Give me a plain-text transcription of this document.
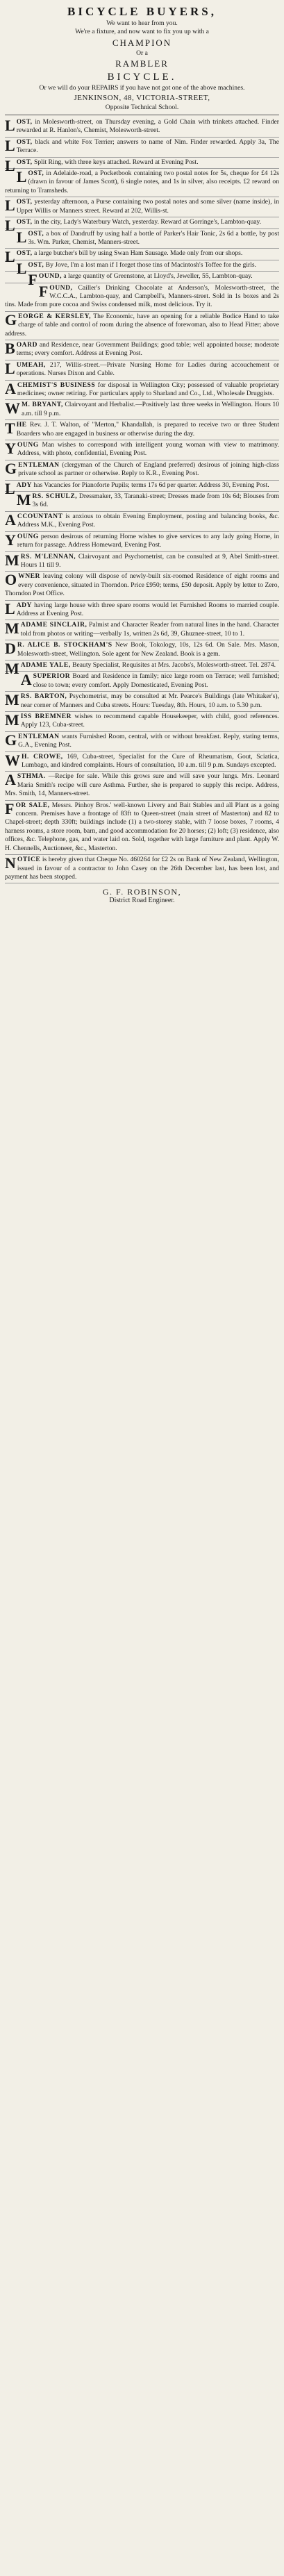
BICYCLE BUYERS,
We want to hear from you.
We're a fixture, and now want to fix you up with a
CHAMPION
Or a
RAMBLER
BICYCLE.
Or we will do your REPAIRS if you have not got one of the above machines.
JENKINSON, 48, VICTORIA-STREET,
Opposite Technical School.

LOST, in Molesworth-street, on Thursday evening, a Gold Chain with trinkets attached. Finder rewarded at R. Hanlon's, Chemist, Molesworth-street.

LOST, black and white Fox Terrier; answers to name of Nim. Finder rewarded. Apply 3a, The Terrace.

LOST, Split Ring, with three keys attached. Reward at Evening Post.

LOST, in Adelaide-road, a Pocketbook containing two postal notes for 5s, cheque for £4 12s (drawn in favour of James Scott), 6 single notes, and 1s in silver, also receipts. £2 reward on returning to Tramsheds.

LOST, yesterday afternoon, a Purse containing two postal notes and some silver (name inside), in Upper Willis or Manners street. Reward at 202, Willis-st.

LOST, in the city, Lady's Waterbury Watch, yesterday. Reward at Gorringe's, Lambton-quay.

LOST, a box of Dandruff by using half a bottle of Parker's Hair Tonic, 2s 6d a bottle, by post 3s. Wm. Parker, Chemist, Manners-street.

LOST, a large butcher's bill by using Swan Ham Sausage. Made only from our shops.

LOST, By Jove, I'm a lost man if I forget those tins of Macintosh's Toffee for the girls.

FOUND, a large quantity of Greenstone, at Lloyd's, Jeweller, 55, Lambton-quay.

FOUND, Cailler's Drinking Chocolate at Anderson's, Molesworth-street, the W.C.C.A., Lambton-quay, and Campbell's, Manners-street. Sold in 1s boxes and 2s tins. Made from pure cocoa and Swiss condensed milk, most delicious. Try it.

GEORGE & KERSLEY, The Economic, have an opening for a reliable Bodice Hand to take charge of table and control of room during the absence of forewoman, also to Head Fitter; above address.

BOARD and Residence, near Government Buildings; good table; well appointed house; moderate terms; every comfort. Address at Evening Post.

LUMEAH, 217, Willis-street.—Private Nursing Home for Ladies during accouchement or operations. Nurses Dixon and Cable.

ACHEMIST'S BUSINESS for disposal in Wellington City; possessed of valuable proprietary medicines; owner retiring. For particulars apply to Sharland and Co., Ltd., Wholesale Druggists.

W M. BRYANT, Clairvoyant and Herbalist.—Positively last three weeks in Wellington. Hours 10 a.m. till 9 p.m.

THE Rev. J. T. Walton, of "Merton," Khandallah, is prepared to receive two or three Student Boarders who are engaged in business or otherwise during the day.

YOUNG Man wishes to correspond with intelligent young woman with view to matrimony. Address, with photo, confidential, Evening Post.

GENTLEMAN (clergyman of the Church of England preferred) desirous of joining high-class private school as partner or otherwise. Reply to K.R., Evening Post.

LADY has Vacancies for Pianoforte Pupils; terms 17s 6d per quarter. Address 30, Evening Post.

MRS. SCHULZ, Dressmaker, 33, Taranaki-street; Dresses made from 10s 6d; Blouses from 3s 6d.

ACCOUNTANT is anxious to obtain Evening Employment, posting and balancing books, &c. Address M.K., Evening Post.

YOUNG person desirous of returning Home wishes to give services to any lady going Home, in return for passage. Address Homeward, Evening Post.

MRS. M'LENNAN, Clairvoyant and Psychometrist, can be consulted at 9, Abel Smith-street. Hours 11 till 9.

OWNER leaving colony will dispose of newly-built six-roomed Residence of eight rooms and every convenience, situated in Thorndon. Price £950; terms, £50 deposit. Apply by letter to Zero, Thorndon Post Office.

LADY having large house with three spare rooms would let Furnished Rooms to married couple. Address at Evening Post.

MADAME SINCLAIR, Palmist and Character Reader from natural lines in the hand. Character told from photos or writing—verbally 1s, written 2s 6d, 39, Ghuznee-street, 10 to 1.

D R. ALICE B. STOCKHAM'S New Book, Tokology, 10s, 12s 6d. On Sale. Mrs. Mason, Molesworth-street, Wellington. Sole agent for New Zealand. Book is a gem.

MADAME YALE, Beauty Specialist, Requisites at Mrs. Jacobs's, Molesworth-street. Tel. 2874.

ASUPERIOR Board and Residence in family; nice large room on Terrace; well furnished; close to town; every comfort. Apply Domesticated, Evening Post.

MRS. BARTON, Psychometrist, may be consulted at Mr. Pearce's Buildings (late Whitaker's), near corner of Manners and Cuba streets. Hours: Tuesday, 8th. Hours, 10 a.m. to 5.30 p.m.

MISS BREMNER wishes to recommend capable Housekeeper, with child, good references. Apply 123, Cuba-street.

GENTLEMAN wants Furnished Room, central, with or without breakfast. Reply, stating terms, G.A., Evening Post.

W H. CROWE, 169, Cuba-street, Specialist for the Cure of Rheumatism, Gout, Sciatica, Lumbago, and kindred complaints. Hours of consultation, 10 a.m. till 9 p.m. Sundays excepted.

ASTHMA. —Recipe for sale. While this grows sure and will save your lungs. Mrs. Leonard Maria Smith's recipe will cure Asthma. Further, she is prepared to supply this recipe. Address, Mrs. Smith, 14, Manners-street.

FOR SALE, Messrs. Pinhoy Bros.' well-known Livery and Bait Stables and all Plant as a going concern. Premises have a frontage of 83ft to Queen-street (main street of Masterton) and 82 to Chapel-street; depth 330ft; buildings include (1) a two-storey stable, with 7 loose boxes, 7 rooms, 4 harness rooms, a store room, barn, and good accommodation for 20 horses; (2) loft; (3) residence, also offices, &c. Telephone, gas, and water laid on. Sold, together with large furniture and plant. Apply W. H. Chennells, Auctioneer, &c., Masterton.

NOTICE is hereby given that Cheque No. 460264 for £2 2s on Bank of New Zealand, Wellington, issued in favour of a contractor to John Casey on the 26th December last, has been lost, and payment has been stopped.

G. F. ROBINSON,
District Road Engineer.
